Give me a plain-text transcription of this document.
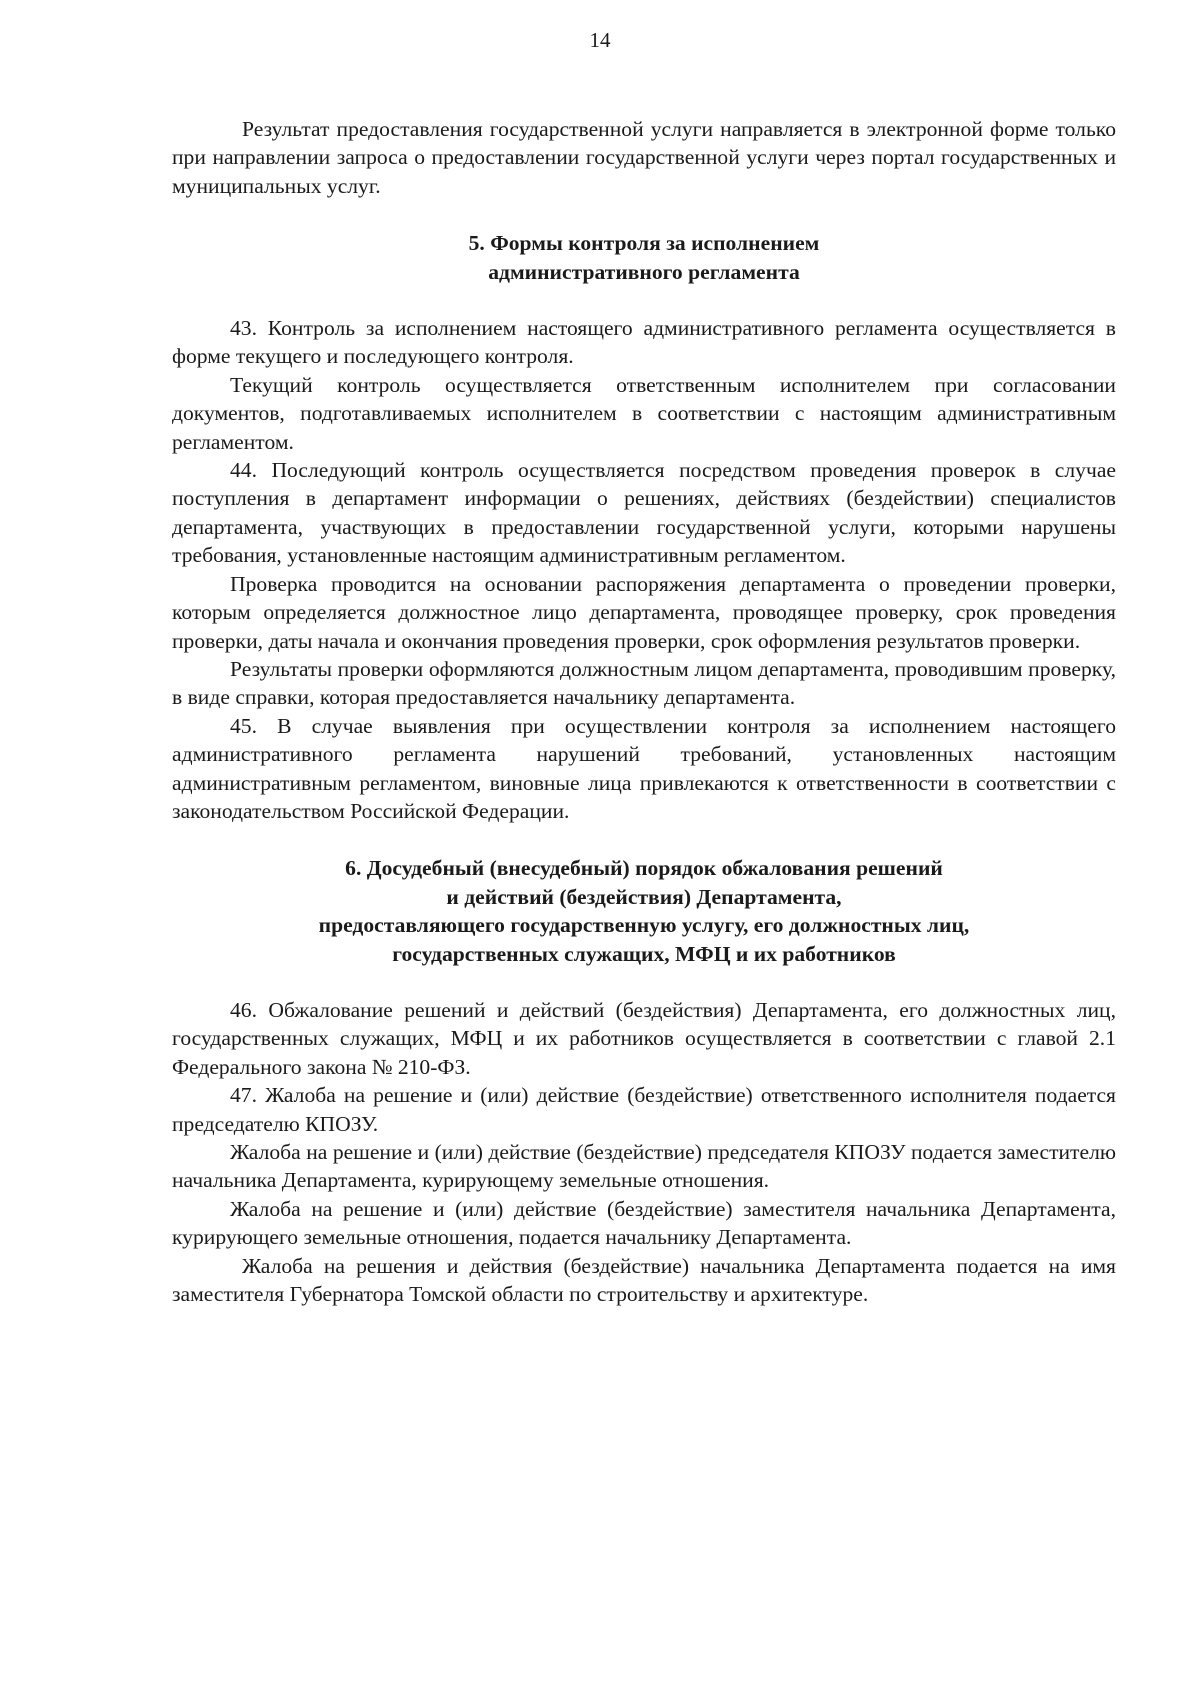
14

Результат предоставления государственной услуги направляется в электронной форме только при направлении запроса о предоставлении государственной услуги через портал государственных и муниципальных услуг.

5. Формы контроля за исполнением
административного регламента

43. Контроль за исполнением настоящего административного регламента осуществляется в форме текущего и последующего контроля.

Текущий контроль осуществляется ответственным исполнителем при согласовании документов, подготавливаемых исполнителем в соответствии с настоящим административным регламентом.

44. Последующий контроль осуществляется посредством проведения проверок в случае поступления в департамент информации о решениях, действиях (бездействии) специалистов департамента, участвующих в предоставлении государственной услуги, которыми нарушены требования, установленные настоящим административным регламентом.

Проверка проводится на основании распоряжения департамента о проведении проверки, которым определяется должностное лицо департамента, проводящее проверку, срок проведения проверки, даты начала и окончания проведения проверки, срок оформления результатов проверки.

Результаты проверки оформляются должностным лицом департамента, проводившим проверку, в виде справки, которая предоставляется начальнику департамента.

45. В случае выявления при осуществлении контроля за исполнением настоящего административного регламента нарушений требований, установленных настоящим административным регламентом, виновные лица привлекаются к ответственности в соответствии с законодательством Российской Федерации.

6. Досудебный (внесудебный) порядок обжалования решений
и действий (бездействия) Департамента,
предоставляющего государственную услугу, его должностных лиц,
государственных служащих, МФЦ и их работников

46. Обжалование решений и действий (бездействия) Департамента, его должностных лиц, государственных служащих, МФЦ и их работников осуществляется в соответствии с главой 2.1 Федерального закона № 210-ФЗ.

47. Жалоба на решение и (или) действие (бездействие) ответственного исполнителя подается председателю КПОЗУ.

Жалоба на решение и (или) действие (бездействие) председателя КПОЗУ подается заместителю начальника Департамента, курирующему земельные отношения.

Жалоба на решение и (или) действие (бездействие) заместителя начальника Департамента, курирующего земельные отношения, подается начальнику Департамента.

Жалоба на решения и действия (бездействие) начальника Департамента подается на имя заместителя Губернатора Томской области по строительству и архитектуре.
